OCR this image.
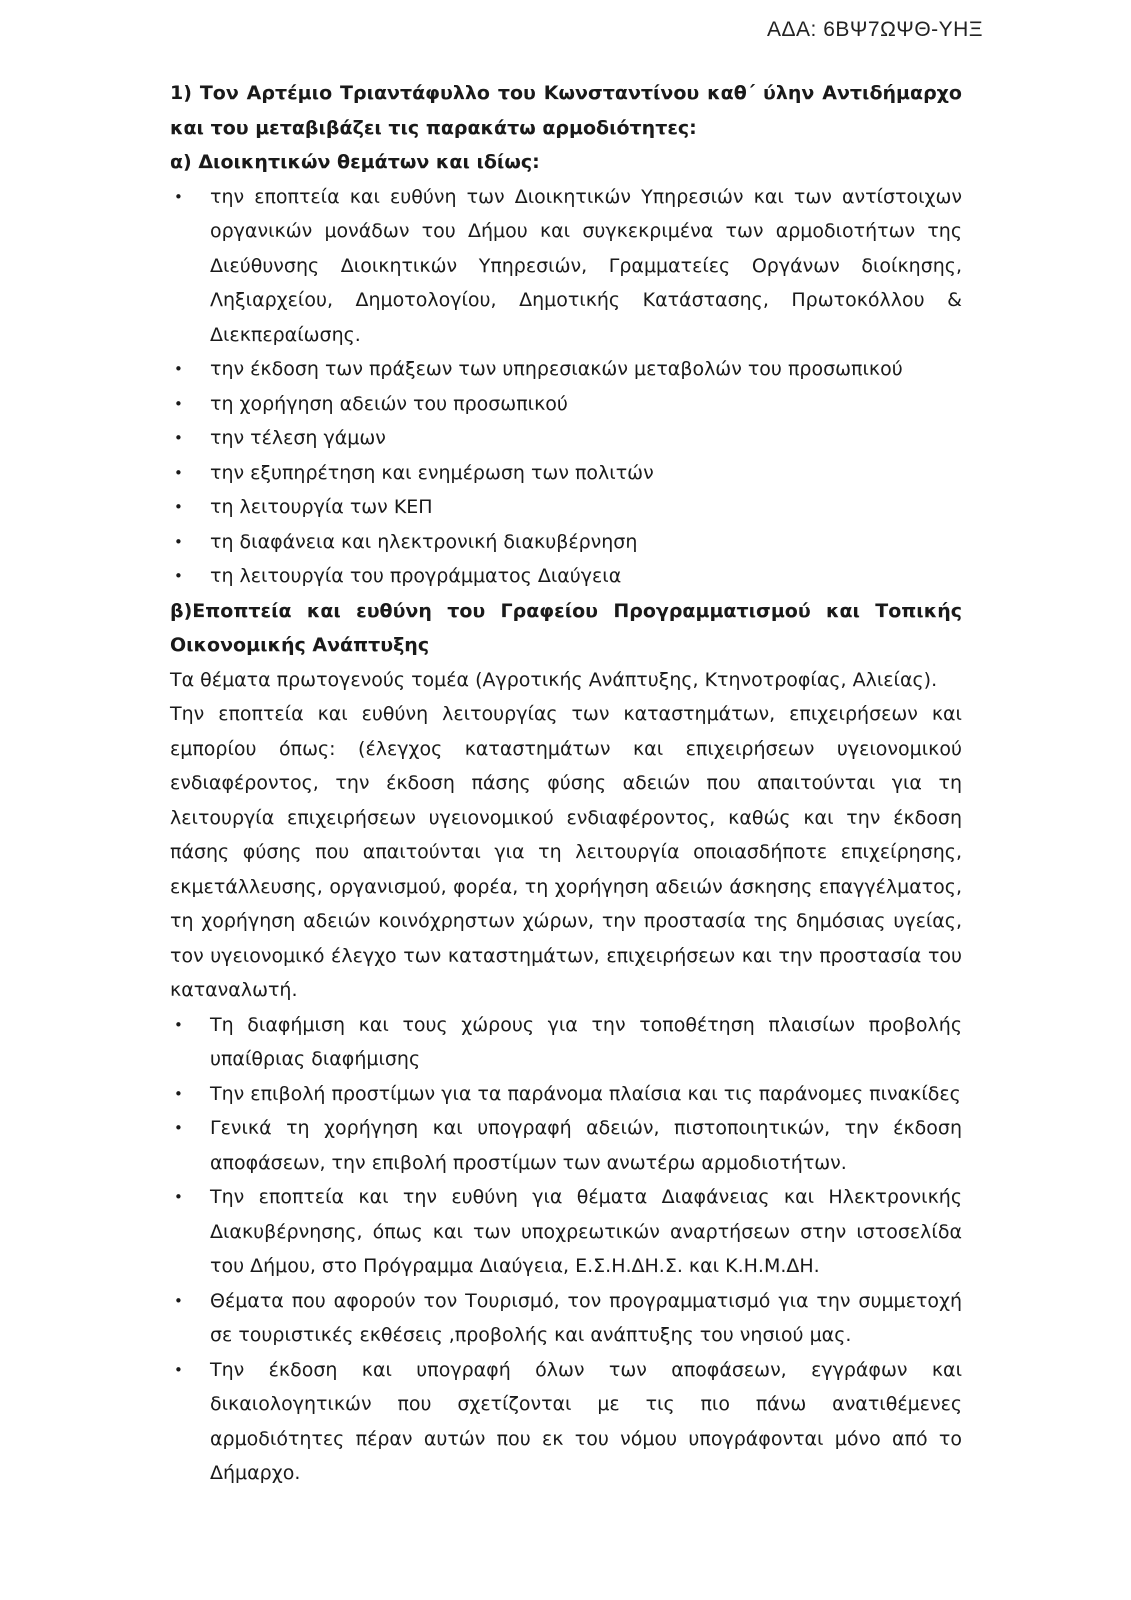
ΑΔΑ: 6ΒΨ7ΩΨΘ-ΥΗΞ

1) Τον Αρτέμιο Τριαντάφυλλο του Κωνσταντίνου καθ΄ ύλην Αντιδήμαρχο και του μεταβιβάζει τις παρακάτω αρμοδιότητες:

α) Διοικητικών θεμάτων και ιδίως:

• την εποπτεία και ευθύνη των Διοικητικών Υπηρεσιών και των αντίστοιχων οργανικών μονάδων του Δήμου και συγκεκριμένα των αρμοδιοτήτων της Διεύθυνσης Διοικητικών Υπηρεσιών, Γραμματείες Οργάνων διοίκησης, Ληξιαρχείου, Δημοτολογίου, Δημοτικής Κατάστασης, Πρωτοκόλλου & Διεκπεραίωσης.
• την έκδοση των πράξεων των υπηρεσιακών μεταβολών του προσωπικού
• τη χορήγηση αδειών του προσωπικού
• την τέλεση γάμων
• την εξυπηρέτηση και ενημέρωση των πολιτών
• τη λειτουργία των ΚΕΠ
• τη διαφάνεια και ηλεκτρονική διακυβέρνηση
• τη λειτουργία του προγράμματος Διαύγεια

β)Εποπτεία και ευθύνη του Γραφείου Προγραμματισμού και Τοπικής Οικονομικής Ανάπτυξης

Τα θέματα πρωτογενούς τομέα (Αγροτικής Ανάπτυξης, Κτηνοτροφίας, Αλιείας).

Την εποπτεία και ευθύνη λειτουργίας των καταστημάτων, επιχειρήσεων και εμπορίου όπως: (έλεγχος καταστημάτων και επιχειρήσεων υγειονομικού ενδιαφέροντος, την έκδοση πάσης φύσης αδειών που απαιτούνται για τη λειτουργία επιχειρήσεων υγειονομικού ενδιαφέροντος, καθώς και την έκδοση πάσης φύσης που απαιτούνται για τη λειτουργία οποιασδήποτε επιχείρησης, εκμετάλλευσης, οργανισμού, φορέα, τη χορήγηση αδειών άσκησης επαγγέλματος, τη χορήγηση αδειών κοινόχρηστων χώρων, την προστασία της δημόσιας υγείας, τον υγειονομικό έλεγχο των καταστημάτων, επιχειρήσεων και την προστασία του καταναλωτή.

• Τη διαφήμιση και τους χώρους για την τοποθέτηση πλαισίων προβολής υπαίθριας διαφήμισης
• Την επιβολή προστίμων για τα παράνομα πλαίσια και τις παράνομες πινακίδες
• Γενικά τη χορήγηση και υπογραφή αδειών, πιστοποιητικών, την έκδοση αποφάσεων, την επιβολή προστίμων των ανωτέρω αρμοδιοτήτων.
• Την εποπτεία και την ευθύνη για θέματα Διαφάνειας και Ηλεκτρονικής Διακυβέρνησης, όπως και των υποχρεωτικών αναρτήσεων στην ιστοσελίδα του Δήμου, στο Πρόγραμμα Διαύγεια, Ε.Σ.Η.ΔΗ.Σ. και Κ.Η.Μ.ΔΗ.
• Θέματα που αφορούν τον Τουρισμό, τον προγραμματισμό για την συμμετοχή σε τουριστικές εκθέσεις ,προβολής και ανάπτυξης του νησιού μας.
• Την έκδοση και υπογραφή όλων των αποφάσεων, εγγράφων και δικαιολογητικών που σχετίζονται με τις πιο πάνω ανατιθέμενες αρμοδιότητες πέραν αυτών που εκ του νόμου υπογράφονται μόνο από το Δήμαρχο.
